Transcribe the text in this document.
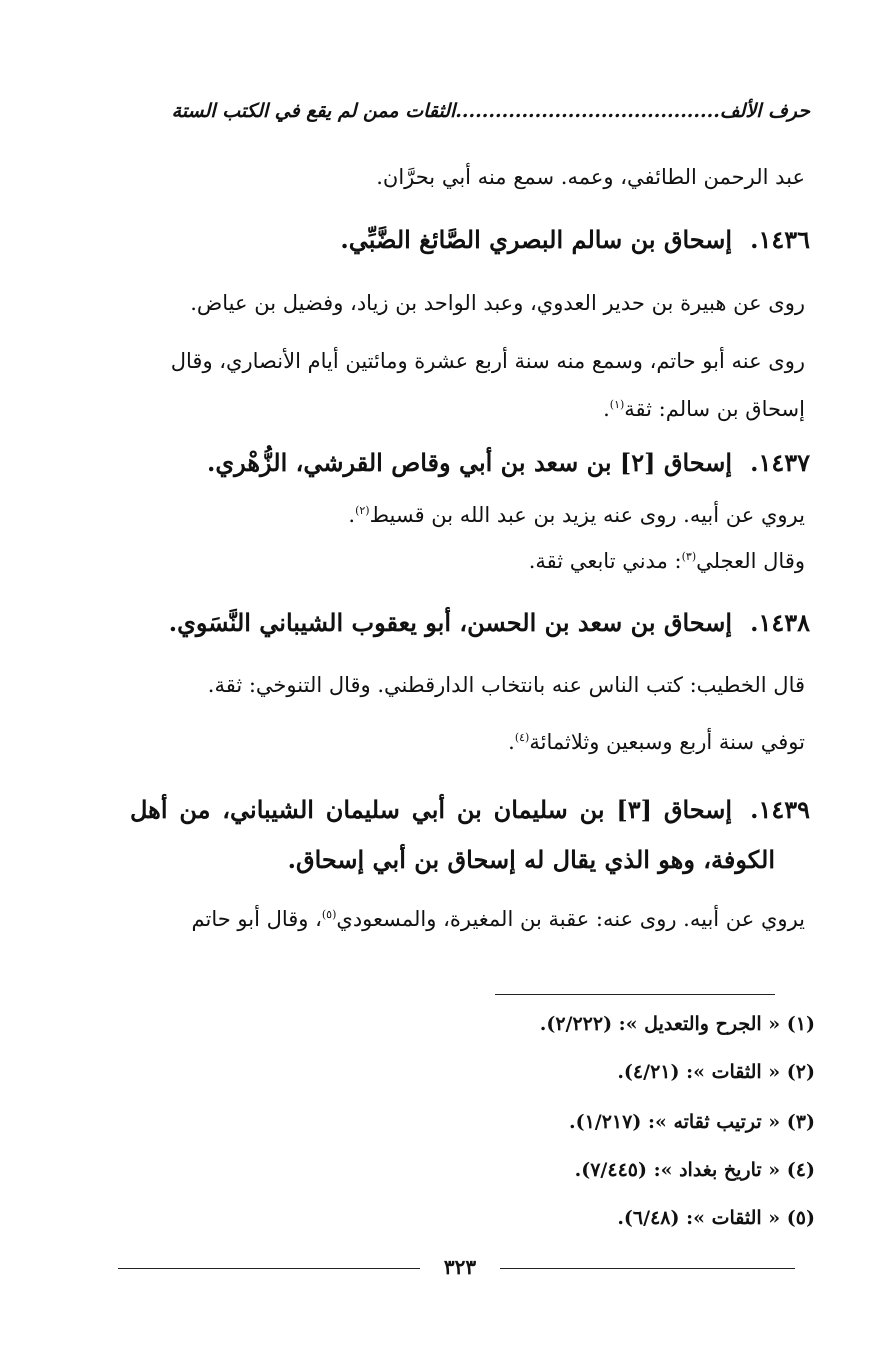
حرف الألف........................................الثقات ممن لم يقع في الكتب الستة
عبد الرحمن الطائفي، وعمه. سمع منه أبي بحرَّان.
١٤٣٦.إسحاق بن سالم البصري الصَّائغ الضَّبِّي.
روى عن هبيرة بن حدير العدوي، وعبد الواحد بن زياد، وفضيل بن عياض.
روى عنه أبو حاتم، وسمع منه سنة أربع عشرة ومائتين أيام الأنصاري، وقال
إسحاق بن سالم: ثقة$^{(١)}$.
١٤٣٧.إسحاق [٢] بن سعد بن أبي وقاص القرشي، الزُّهْري.
يروي عن أبيه. روى عنه يزيد بن عبد الله بن قسيط$^{(٢)}$.
وقال العجلي$^{(٣)}$: مدني تابعي ثقة.
١٤٣٨.إسحاق بن سعد بن الحسن، أبو يعقوب الشيباني النَّسَوي.
قال الخطيب: كتب الناس عنه بانتخاب الدارقطني. وقال التنوخي: ثقة.
توفي سنة أربع وسبعين وثلاثمائة$^{(٤)}$.
١٤٣٩.إسحاق [٣] بن سليمان بن أبي سليمان الشيباني، من أهل
الكوفة، وهو الذي يقال له إسحاق بن أبي إسحاق.
يروي عن أبيه. روى عنه: عقبة بن المغيرة، والمسعودي$^{(٥)}$، وقال أبو حاتم
(١) « الجرح والتعديل »: (٢/٢٢٢).
(٢) « الثقات »: (٤/٢١).
(٣) « ترتيب ثقاته »: (١/٢١٧).
(٤) « تاريخ بغداد »: (٧/٤٤٥).
(٥) « الثقات »: (٦/٤٨).
٣٢٣
